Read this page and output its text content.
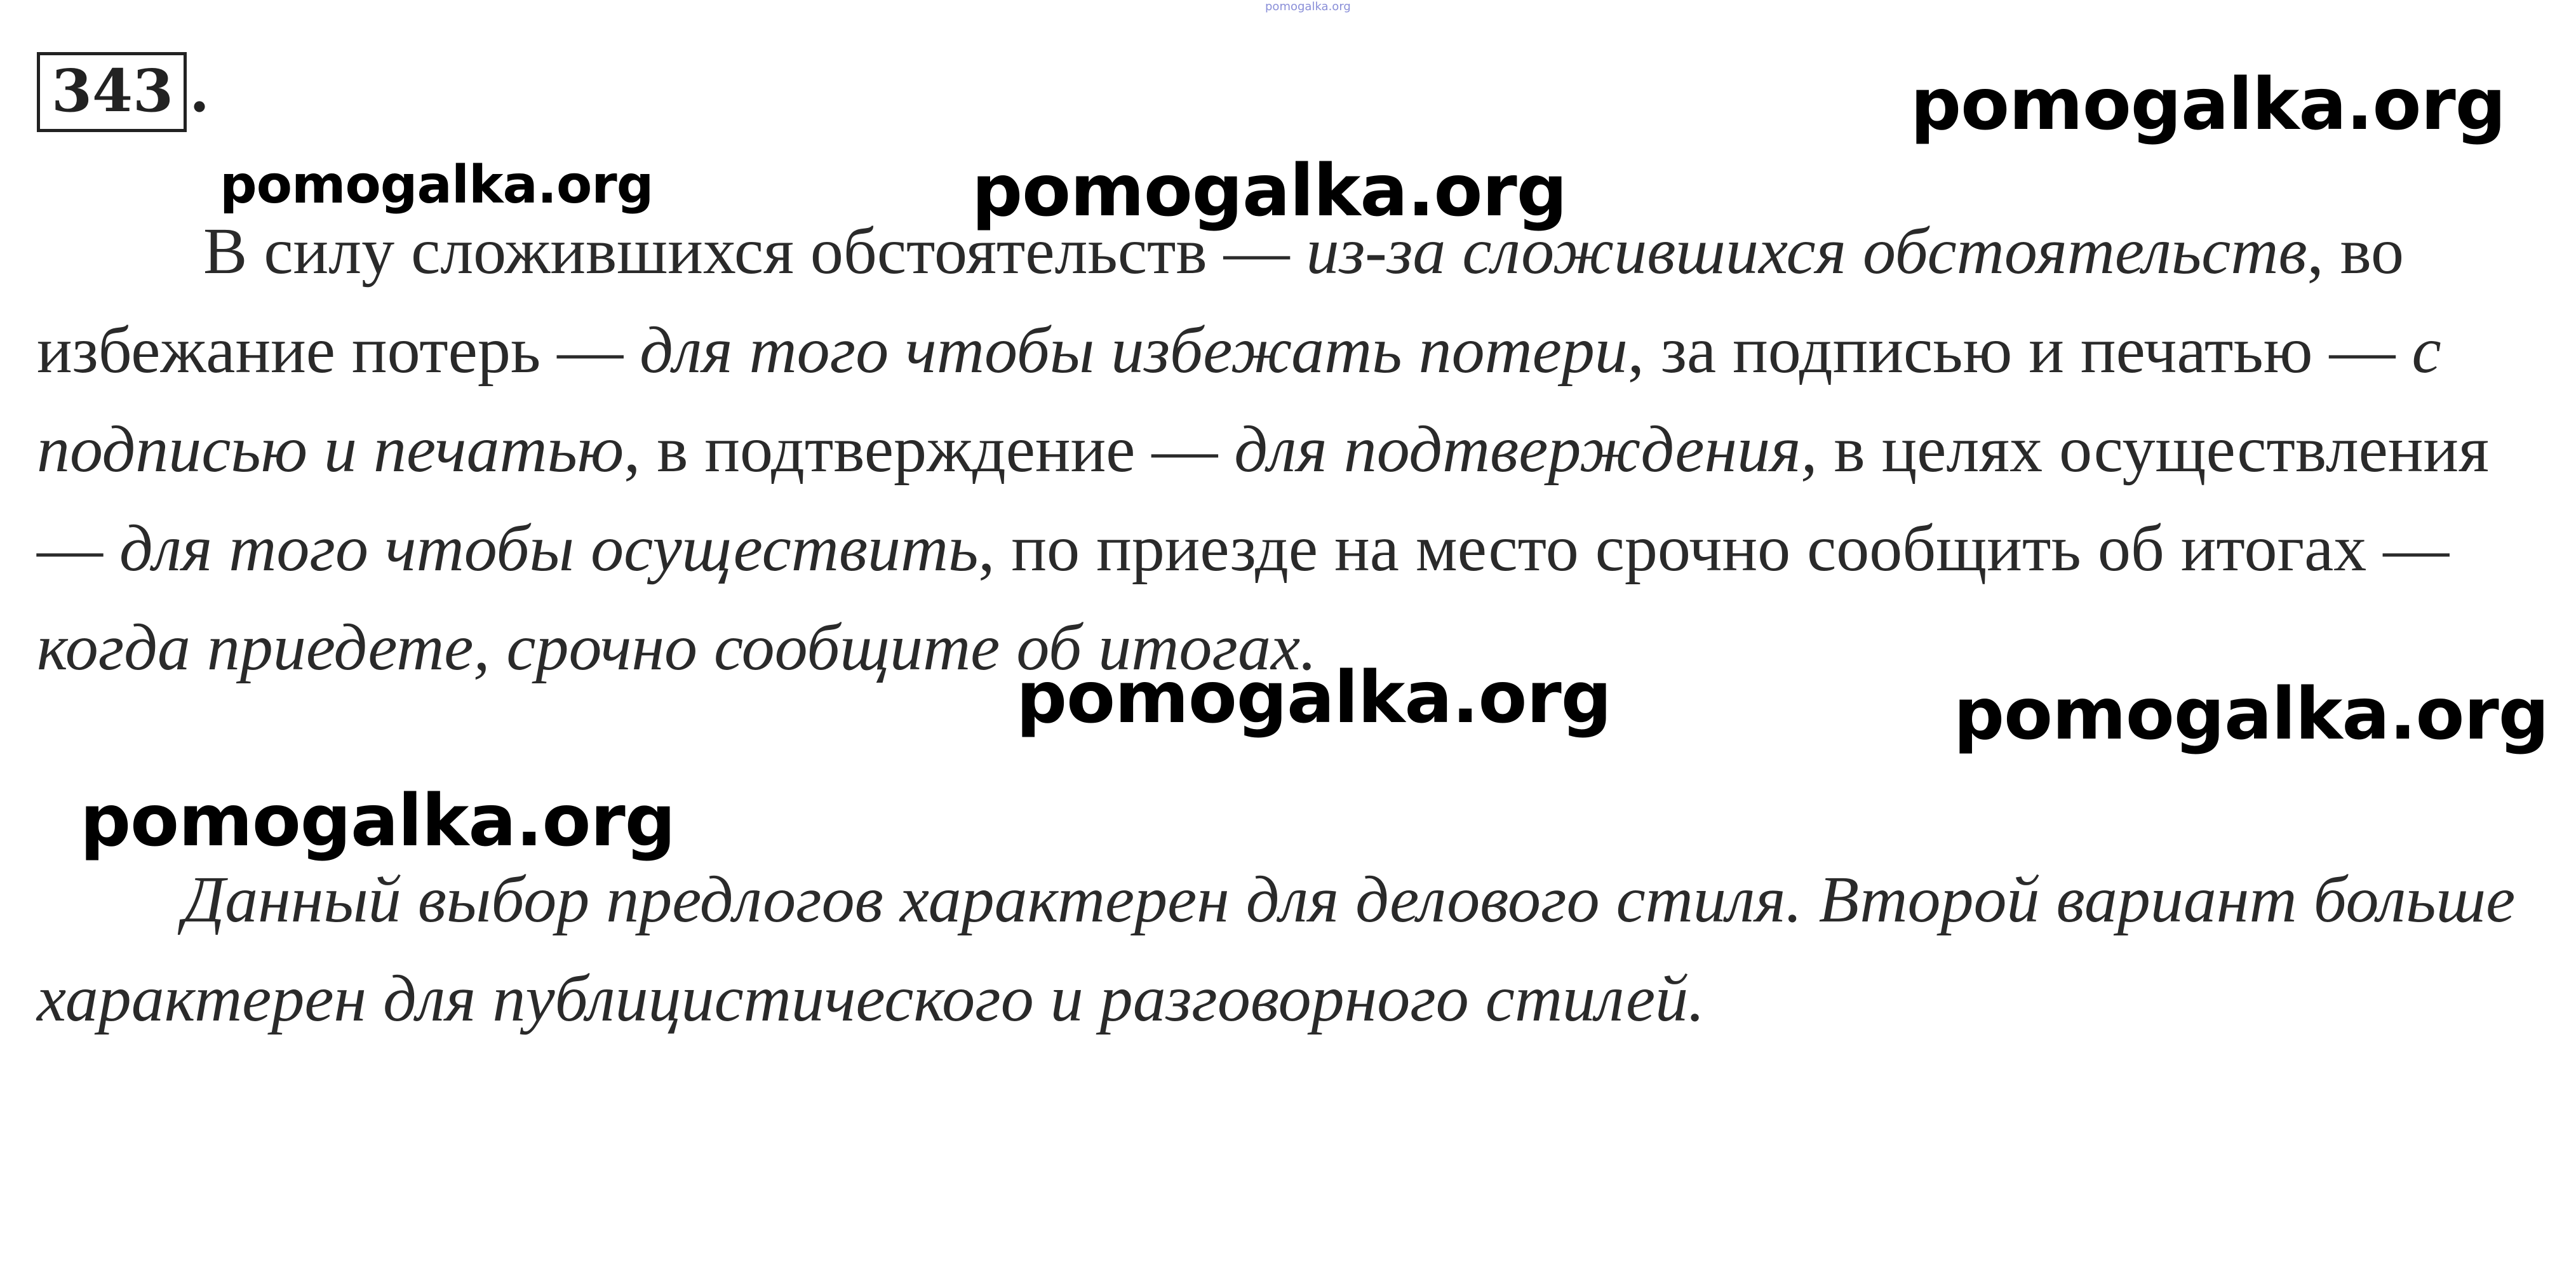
pomogalka.org
343 .

В силу сложившихся обстоятельств — из-за сложившихся обстоятельств, во избежание потерь — для того чтобы избежать потери, за подписью и печатью — с подписью и печатью, в подтверждение — для подтверждения, в целях осуществления — для того чтобы осуществить, по приезде на место срочно сообщить об итогах — когда приедете, срочно сообщите об итогах.

Данный выбор предлогов характерен для делового стиля. Второй вариант больше характерен для публицистического и разговорного стилей.

pomogalka.org
pomogalka.org	pomogalka.org
pomogalka.org	pomogalka.org
pomogalka.org
